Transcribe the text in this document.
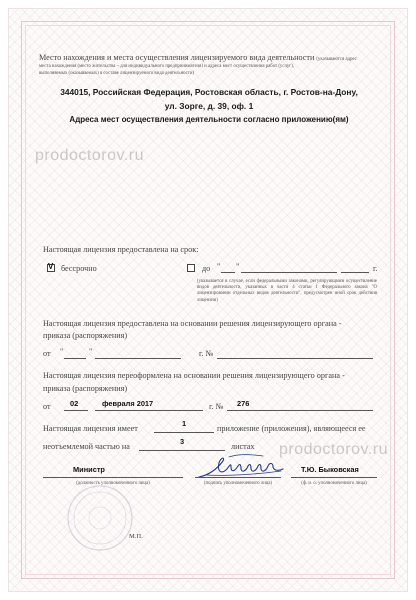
Место нахождения и места осуществления лицензируемого вида деятельности (указываются адрес
места нахождения (место жительства – для индивидуального предпринимателя) и адреса мест осуществления работ (услуг),
выполняемых (оказываемых) в составе лицензируемого вида деятельности)
344015, Российская Федерация, Ростовская область, г. Ростов-на-Дону,
ул. Зорге, д. 39, оф. 1
Адреса мест осуществления деятельности согласно приложению(ям)
prodoctorov.ru
Настоящая лицензия предоставлена на срок:
V бессрочно	до " "	г.
(указывается в случае, если федеральными законами, регулирующими осуществление видов деятельности, указанных в части 4 статьи 1 Федерального закона "О лицензировании отдельных видов деятельности", предусмотрен иной срок действия лицензии)
Настоящая лицензия предоставлена на основании решения лицензирующего органа -
приказа (распоряжения)
от "	"	г. №
Настоящая лицензия переоформлена на основании решения лицензирующего органа -
приказа (распоряжения)
от	02	февраля 2017	г. № 276
Настоящая лицензия имеет
1
приложение (приложения), являющееся ее
неотъемлемой частью на
3
листах prodoctorov.ru
Министр
(должность уполномоченного лица)	(подпись уполномоченного лица)
Т.Ю. Быковская
(ф. и. о. уполномоченного лица)
М.П.
